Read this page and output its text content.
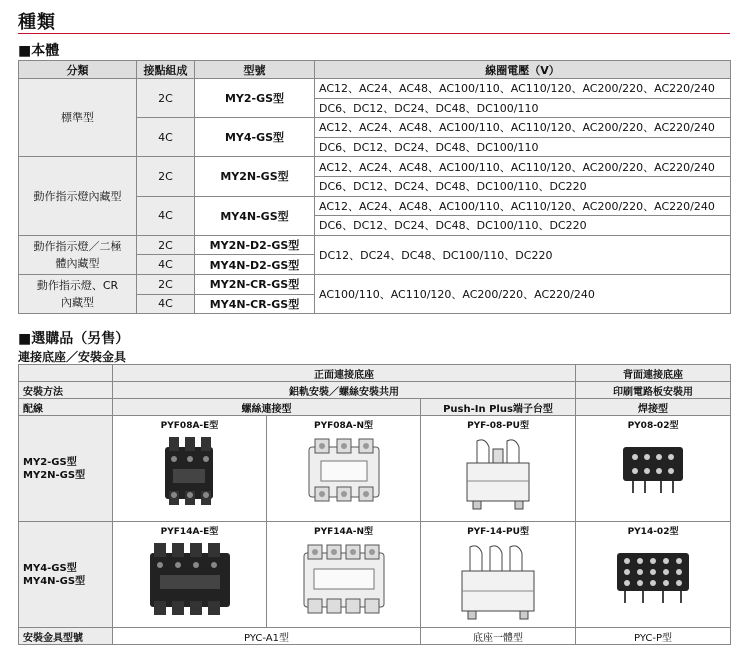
種類
■本體
分類	接點組成	型號	線圈電壓（V）
標準型	2C	MY2-GS型	AC12、AC24、AC48、AC100/110、AC110/120、AC200/220、AC220/240
			DC6、DC12、DC24、DC48、DC100/110
	4C	MY4-GS型	AC12、AC24、AC48、AC100/110、AC110/120、AC200/220、AC220/240
			DC6、DC12、DC24、DC48、DC100/110
動作指示燈內藏型	2C	MY2N-GS型	AC12、AC24、AC48、AC100/110、AC110/120、AC200/220、AC220/240
			DC6、DC12、DC24、DC48、DC100/110、DC220
	4C	MY4N-GS型	AC12、AC24、AC48、AC100/110、AC110/120、AC200/220、AC220/240
			DC6、DC12、DC24、DC48、DC100/110、DC220
動作指示燈／二極體內藏型	2C	MY2N-D2-GS型	DC12、DC24、DC48、DC100/110、DC220
	4C	MY4N-D2-GS型	
動作指示燈、CR內藏型	2C	MY2N-CR-GS型	AC100/110、AC110/120、AC200/220、AC220/240
	4C	MY4N-CR-GS型	
■選購品（另售）
連接底座／安裝金具
	正面連接底座			背面連接底座
安裝方法	鋁軌安裝／螺絲安裝共用			印刷電路板安裝用
配線	螺絲連接型		Push-In Plus端子台型	焊接型
MY2-GS型
MY2N-GS型	PYF08A-E型	PYF08A-N型	PYF-08-PU型	PY08-02型

MY4-GS型
MY4N-GS型	PYF14A-E型	PYF14A-N型	PYF-14-PU型	PY14-02型

安裝金具型號	PYC-A1型		底座一體型	PYC-P型
